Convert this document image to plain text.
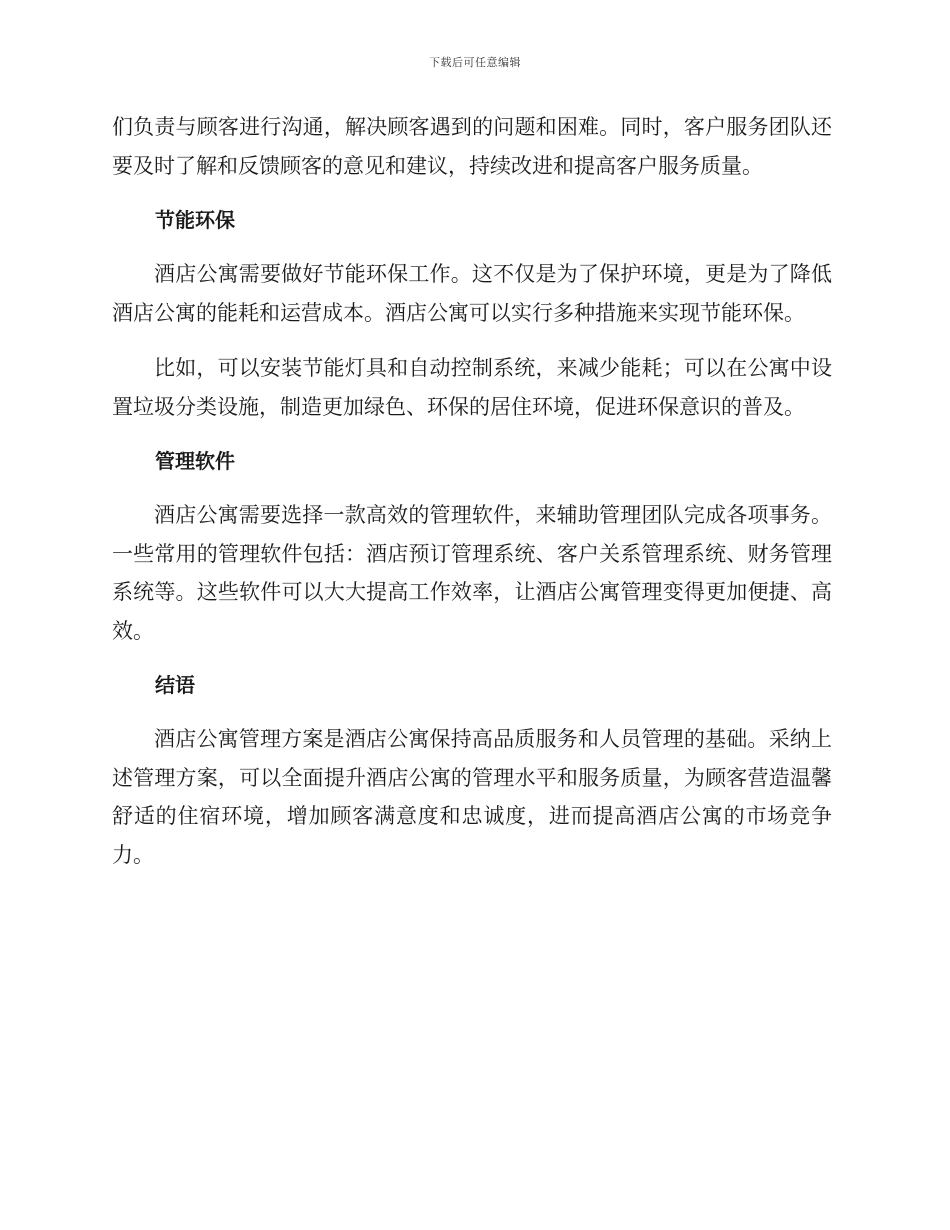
下载后可任意编辑

们负责与顾客进行沟通，解决顾客遇到的问题和困难。同时，客户服务团队还要及时了解和反馈顾客的意见和建议，持续改进和提高客户服务质量。

节能环保

酒店公寓需要做好节能环保工作。这不仅是为了保护环境，更是为了降低酒店公寓的能耗和运营成本。酒店公寓可以实行多种措施来实现节能环保。

比如，可以安装节能灯具和自动控制系统，来减少能耗；可以在公寓中设置垃圾分类设施，制造更加绿色、环保的居住环境，促进环保意识的普及。

管理软件

酒店公寓需要选择一款高效的管理软件，来辅助管理团队完成各项事务。一些常用的管理软件包括：酒店预订管理系统、客户关系管理系统、财务管理系统等。这些软件可以大大提高工作效率，让酒店公寓管理变得更加便捷、高效。

结语

酒店公寓管理方案是酒店公寓保持高品质服务和人员管理的基础。采纳上述管理方案，可以全面提升酒店公寓的管理水平和服务质量，为顾客营造温馨舒适的住宿环境，增加顾客满意度和忠诚度，进而提高酒店公寓的市场竞争力。
